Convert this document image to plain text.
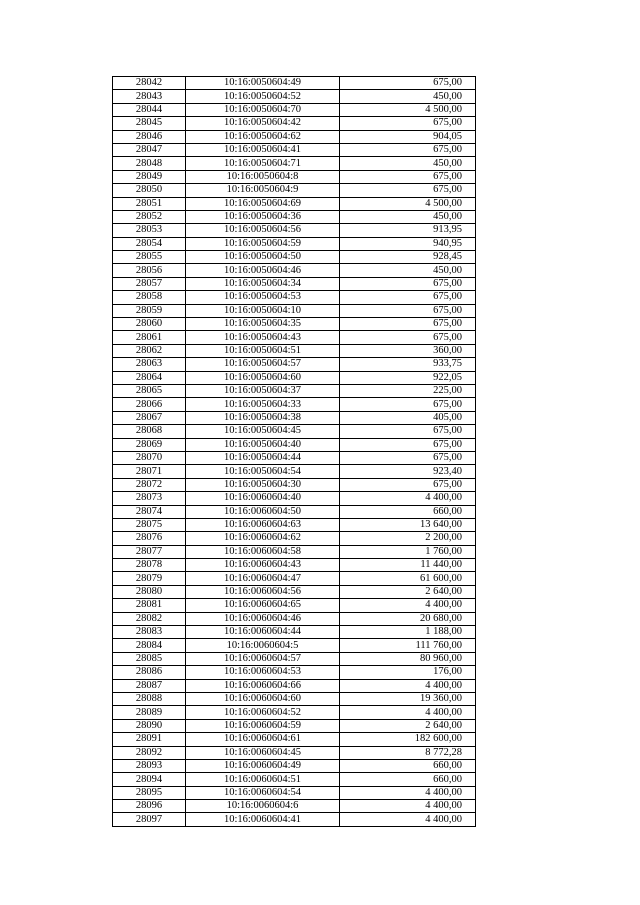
28042	10:16:0050604:49	675,00
28043	10:16:0050604:52	450,00
28044	10:16:0050604:70	4 500,00
28045	10:16:0050604:42	675,00
28046	10:16:0050604:62	904,05
28047	10:16:0050604:41	675,00
28048	10:16:0050604:71	450,00
28049	10:16:0050604:8	675,00
28050	10:16:0050604:9	675,00
28051	10:16:0050604:69	4 500,00
28052	10:16:0050604:36	450,00
28053	10:16:0050604:56	913,95
28054	10:16:0050604:59	940,95
28055	10:16:0050604:50	928,45
28056	10:16:0050604:46	450,00
28057	10:16:0050604:34	675,00
28058	10:16:0050604:53	675,00
28059	10:16:0050604:10	675,00
28060	10:16:0050604:35	675,00
28061	10:16:0050604:43	675,00
28062	10:16:0050604:51	360,00
28063	10:16:0050604:57	933,75
28064	10:16:0050604:60	922,05
28065	10:16:0050604:37	225,00
28066	10:16:0050604:33	675,00
28067	10:16:0050604:38	405,00
28068	10:16:0050604:45	675,00
28069	10:16:0050604:40	675,00
28070	10:16:0050604:44	675,00
28071	10:16:0050604:54	923,40
28072	10:16:0050604:30	675,00
28073	10:16:0060604:40	4 400,00
28074	10:16:0060604:50	660,00
28075	10:16:0060604:63	13 640,00
28076	10:16:0060604:62	2 200,00
28077	10:16:0060604:58	1 760,00
28078	10:16:0060604:43	11 440,00
28079	10:16:0060604:47	61 600,00
28080	10:16:0060604:56	2 640,00
28081	10:16:0060604:65	4 400,00
28082	10:16:0060604:46	20 680,00
28083	10:16:0060604:44	1 188,00
28084	10:16:0060604:5	111 760,00
28085	10:16:0060604:57	80 960,00
28086	10:16:0060604:53	176,00
28087	10:16:0060604:66	4 400,00
28088	10:16:0060604:60	19 360,00
28089	10:16:0060604:52	4 400,00
28090	10:16:0060604:59	2 640,00
28091	10:16:0060604:61	182 600,00
28092	10:16:0060604:45	8 772,28
28093	10:16:0060604:49	660,00
28094	10:16:0060604:51	660,00
28095	10:16:0060604:54	4 400,00
28096	10:16:0060604:6	4 400,00
28097	10:16:0060604:41	4 400,00
